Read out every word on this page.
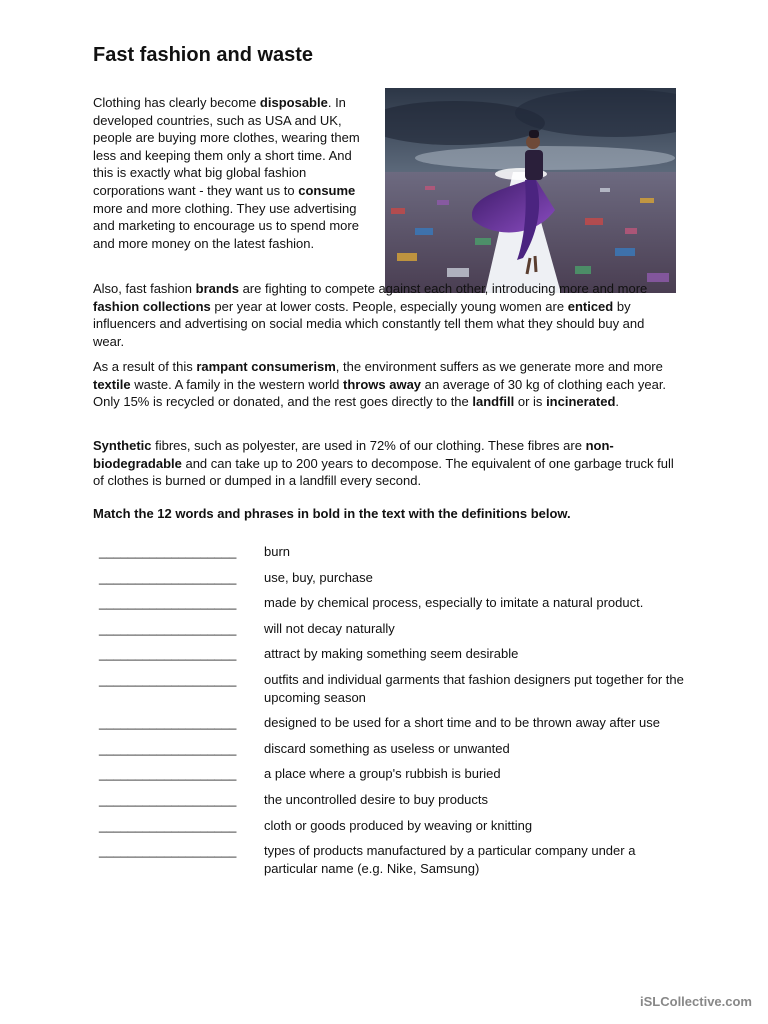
Fast fashion and waste

Clothing has clearly become disposable. In developed countries, such as USA and UK, people are buying more clothes, wearing them less and keeping them only a short time. And this is exactly what big global fashion corporations want - they want us to consume more and more clothing. They use advertising and marketing to encourage us to spend more and more money on the latest fashion.

Also, fast fashion brands are fighting to compete against each other, introducing more and more fashion collections per year at lower costs. People, especially young women are enticed by influencers and advertising on social media which constantly tell them what they should buy and wear.

As a result of this rampant consumerism, the environment suffers as we generate more and more textile waste. A family in the western world throws away an average of 30 kg of clothing each year. Only 15% is recycled or donated, and the rest goes directly to the landfill or is incinerated.

Synthetic fibres, such as polyester, are used in 72% of our clothing. These fibres are non-biodegradable and can take up to 200 years to decompose. The equivalent of one garbage truck full of clothes is burned or dumped in a landfill every second.

Match the 12 words and phrases in bold in the text with the definitions below.

___________________	burn
___________________	use, buy, purchase
___________________	made by chemical process, especially to imitate a natural product.
___________________	will not decay naturally
___________________	attract by making something seem desirable
___________________	outfits and individual garments that fashion designers put together for the upcoming season
___________________	designed to be used for a short time and to be thrown away after use
___________________	discard something as useless or unwanted
___________________	a place where a group's rubbish is buried
___________________	the uncontrolled desire to buy products
___________________	cloth or goods produced by weaving or knitting
___________________	types of products manufactured by a particular company under a particular name (e.g. Nike, Samsung)
iSLCollective.com
